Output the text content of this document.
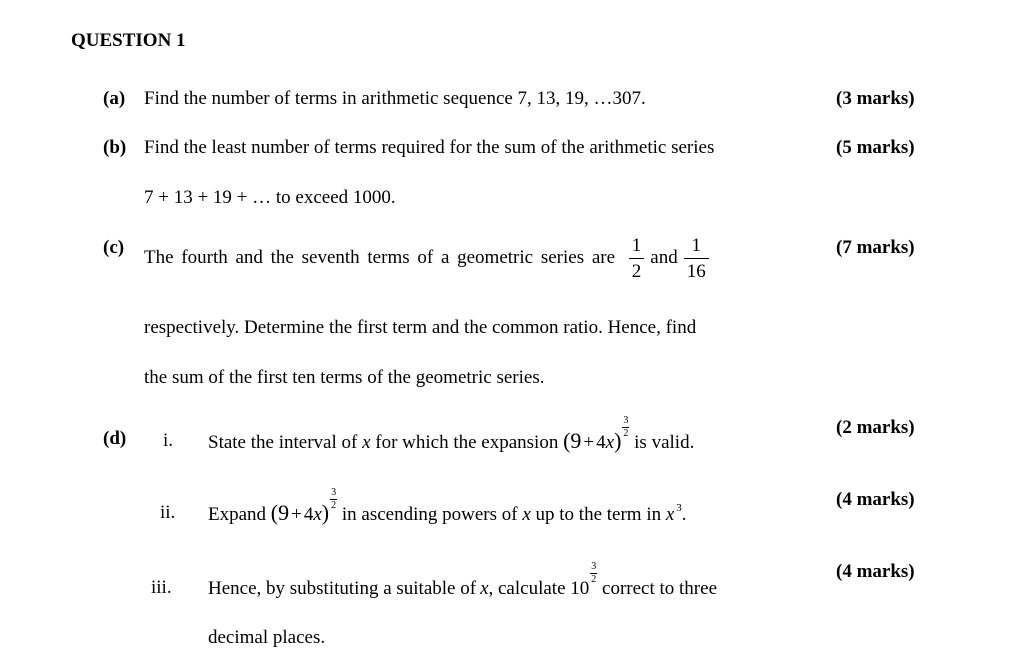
QUESTION 1
(a) Find the number of terms in arithmetic sequence 7, 13, 19, …307.	(3 marks)
(b) Find the least number of terms required for the sum of the arithmetic series
7 + 13 + 19 + … to exceed 1000.
(5 marks)
(c) The fourth and the seventh terms of a geometric series are $\frac{1}{2}$ and $\frac{1}{16}$
respectively. Determine the first term and the common ratio. Hence, find
the sum of the first ten terms of the geometric series.
(7 marks)
(d) i. State the interval of x for which the expansion (9 + 4x)
$\frac{3}{2}$
is valid.
(2 marks)
ii. Expand (9 + 4x)
$\frac{3}{2}$
in ascending powers of x up to the term in x $^3$.
(4 marks)
iii. Hence, by substituting a suitable of x, calculate 10
$\frac{3}{2}$
correct to three
decimal places.
(4 marks)
